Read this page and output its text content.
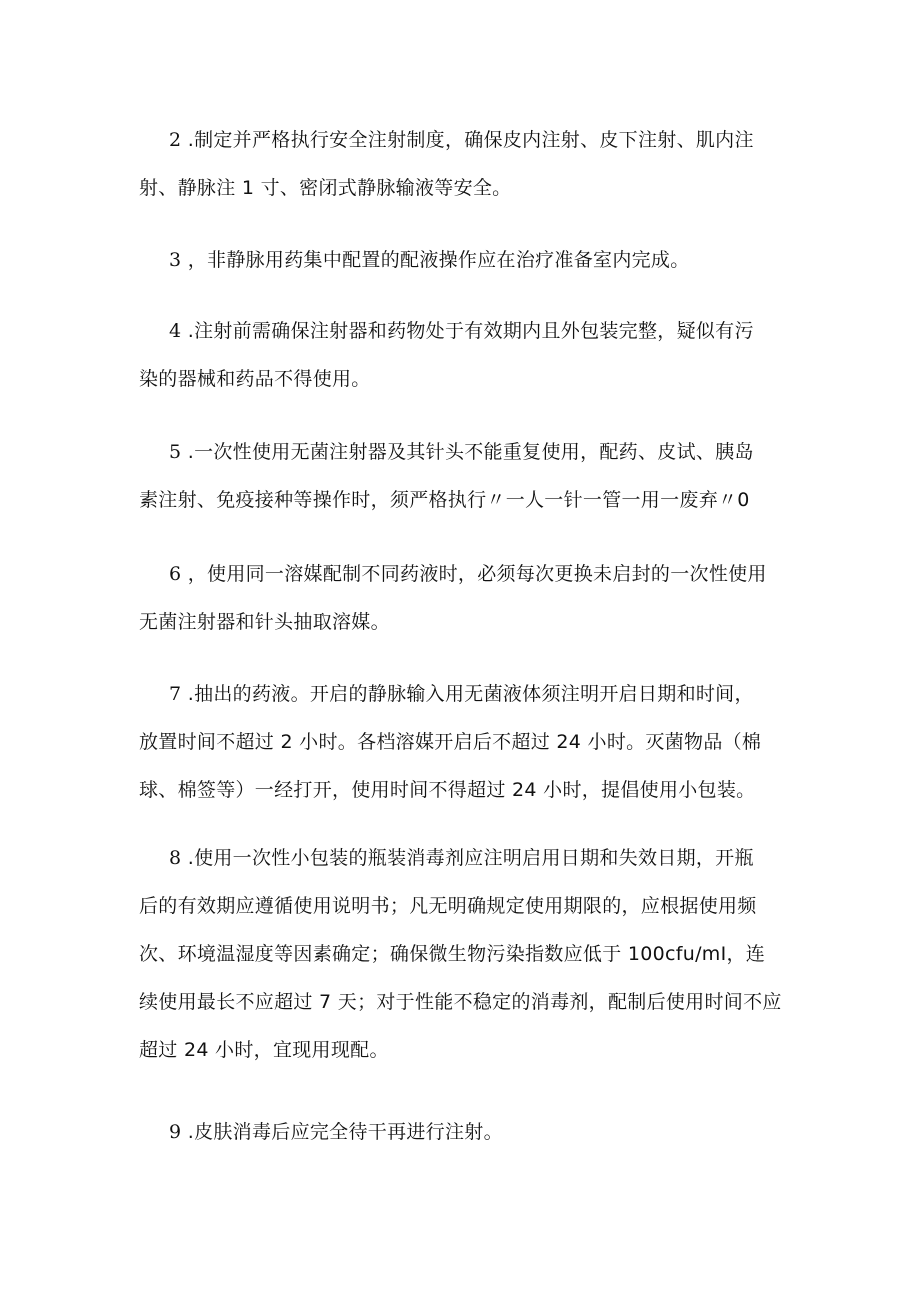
2 .制定并严格执行安全注射制度，确保皮内注射、皮下注射、肌内注
射、静脉注 1 寸、密闭式静脉输液等安全。
3 ，非静脉用药集中配置的配液操作应在治疗准备室内完成。
4 .注射前需确保注射器和药物处于有效期内且外包装完整，疑似有污
染的器械和药品不得使用。
5 .一次性使用无菌注射器及其针头不能重复使用，配药、皮试、胰岛
素注射、免疫接种等操作时，须严格执行〃一人一针一管一用一废弃〃0
6 ，使用同一溶媒配制不同药液时，必须每次更换未启封的一次性使用
无菌注射器和针头抽取溶媒。
7 .抽出的药液。开启的静脉输入用无菌液体须注明开启日期和时间，
放置时间不超过 2 小时。各档溶媒开启后不超过 24 小时。灭菌物品（棉
球、棉签等）一经打开，使用时间不得超过 24 小时，提倡使用小包装。
8 .使用一次性小包装的瓶装消毒剂应注明启用日期和失效日期，开瓶
后的有效期应遵循使用说明书；凡无明确规定使用期限的，应根据使用频
次、环境温湿度等因素确定；确保微生物污染指数应低于 100cfu/mI，连
续使用最长不应超过 7 天；对于性能不稳定的消毒剂，配制后使用时间不应
超过 24 小时，宜现用现配。
9 .皮肤消毒后应完全待干再进行注射。
